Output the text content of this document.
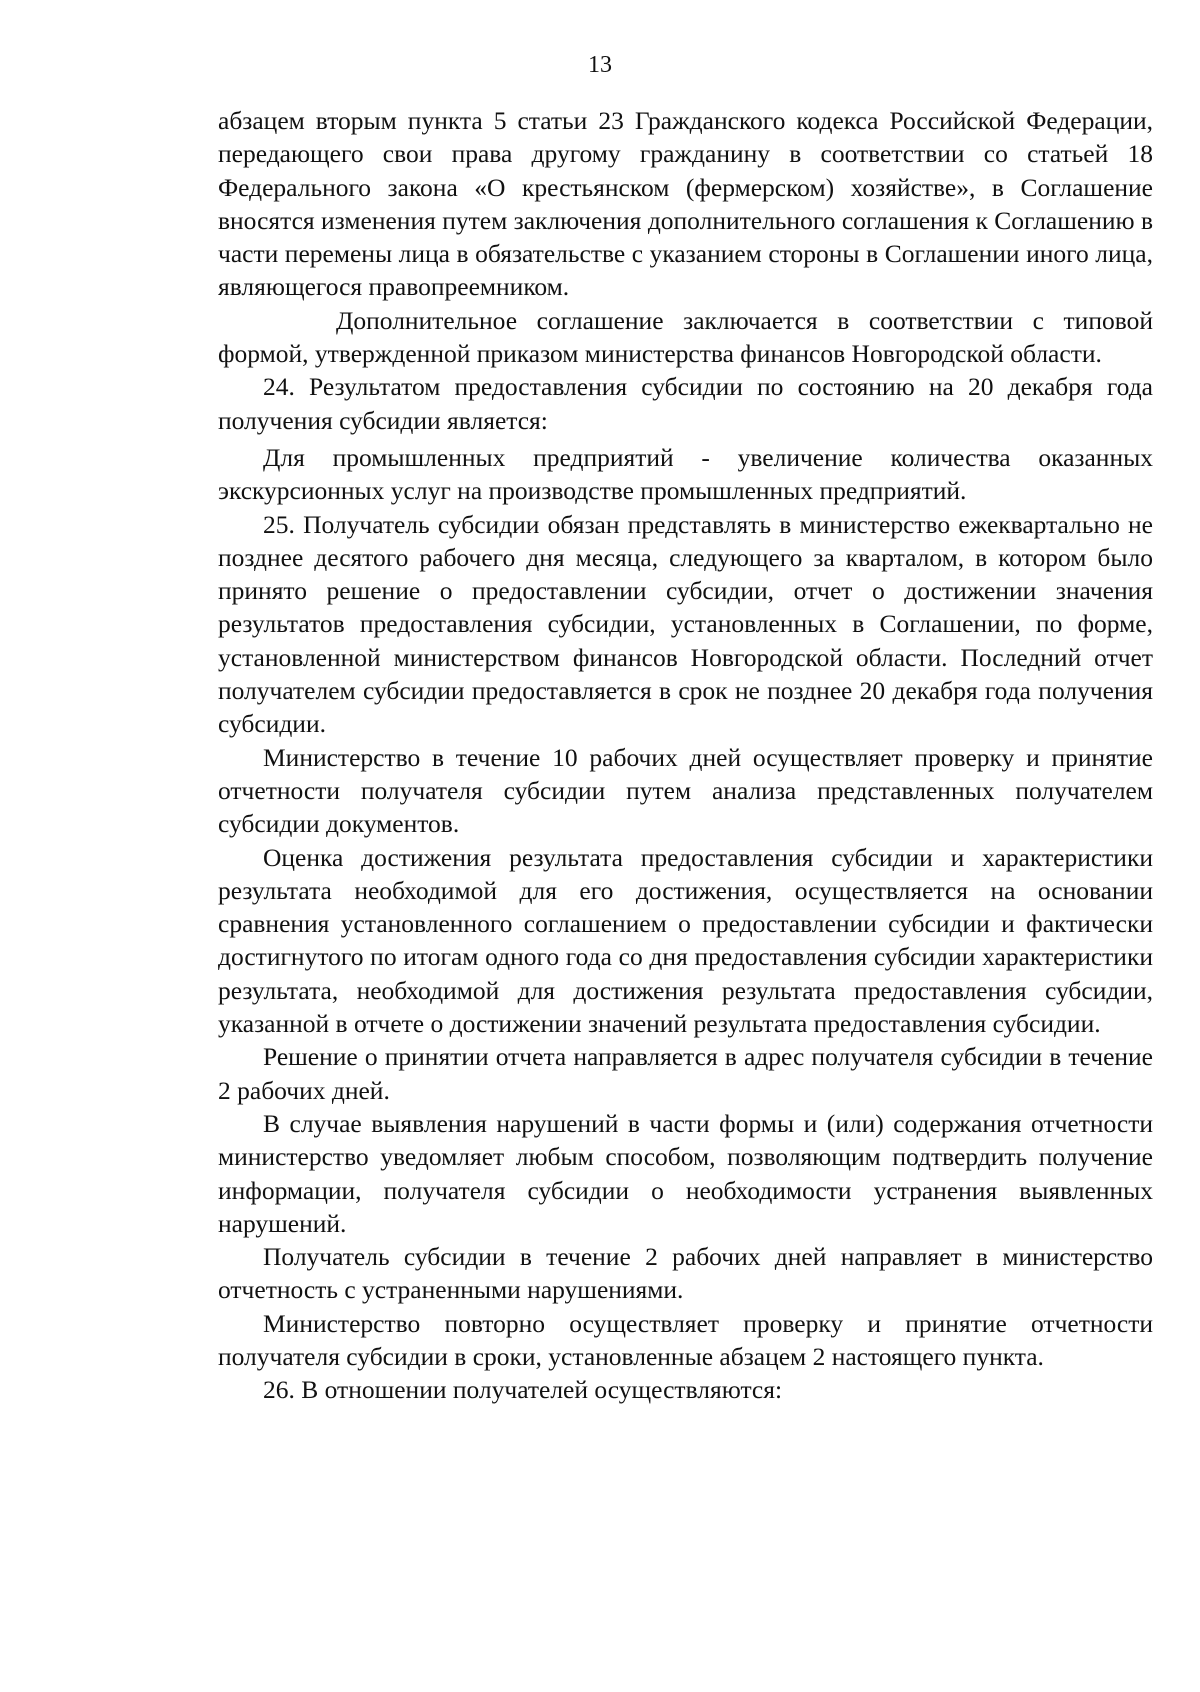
13

абзацем вторым пункта 5 статьи 23 Гражданского кодекса Российской Федерации, передающего свои права другому гражданину в соответствии со статьей 18 Федерального закона «О крестьянском (фермерском) хозяйстве», в Соглашение вносятся изменения путем заключения дополнительного соглашения к Соглашению в части перемены лица в обязательстве с указанием стороны в Соглашении иного лица, являющегося правопреемником.

Дополнительное соглашение заключается в соответствии с типовой формой, утвержденной приказом министерства финансов Новгородской области.

24. Результатом предоставления субсидии по состоянию на 20 декабря года получения субсидии является:

Для промышленных предприятий - увеличение количества оказанных экскурсионных услуг на производстве промышленных предприятий.

25. Получатель субсидии обязан представлять в министерство ежеквартально не позднее десятого рабочего дня месяца, следующего за кварталом, в котором было принято решение о предоставлении субсидии, отчет о достижении значения результатов предоставления субсидии, установленных в Соглашении, по форме, установленной министерством финансов Новгородской области. Последний отчет получателем субсидии предоставляется в срок не позднее 20 декабря года получения субсидии.

Министерство в течение 10 рабочих дней осуществляет проверку и принятие отчетности получателя субсидии путем анализа представленных получателем субсидии документов.

Оценка достижения результата предоставления субсидии и характеристики результата необходимой для его достижения, осуществляется на основании сравнения установленного соглашением о предоставлении субсидии и фактически достигнутого по итогам одного года со дня предоставления субсидии характеристики результата, необходимой для достижения результата предоставления субсидии, указанной в отчете о достижении значений результата предоставления субсидии.

Решение о принятии отчета направляется в адрес получателя субсидии в течение 2 рабочих дней.

В случае выявления нарушений в части формы и (или) содержания отчетности министерство уведомляет любым способом, позволяющим подтвердить получение информации, получателя субсидии о необходимости устранения выявленных нарушений.

Получатель субсидии в течение 2 рабочих дней направляет в министерство отчетность с устраненными нарушениями.

Министерство повторно осуществляет проверку и принятие отчетности получателя субсидии в сроки, установленные абзацем 2 настоящего пункта.

26. В отношении получателей осуществляются:
